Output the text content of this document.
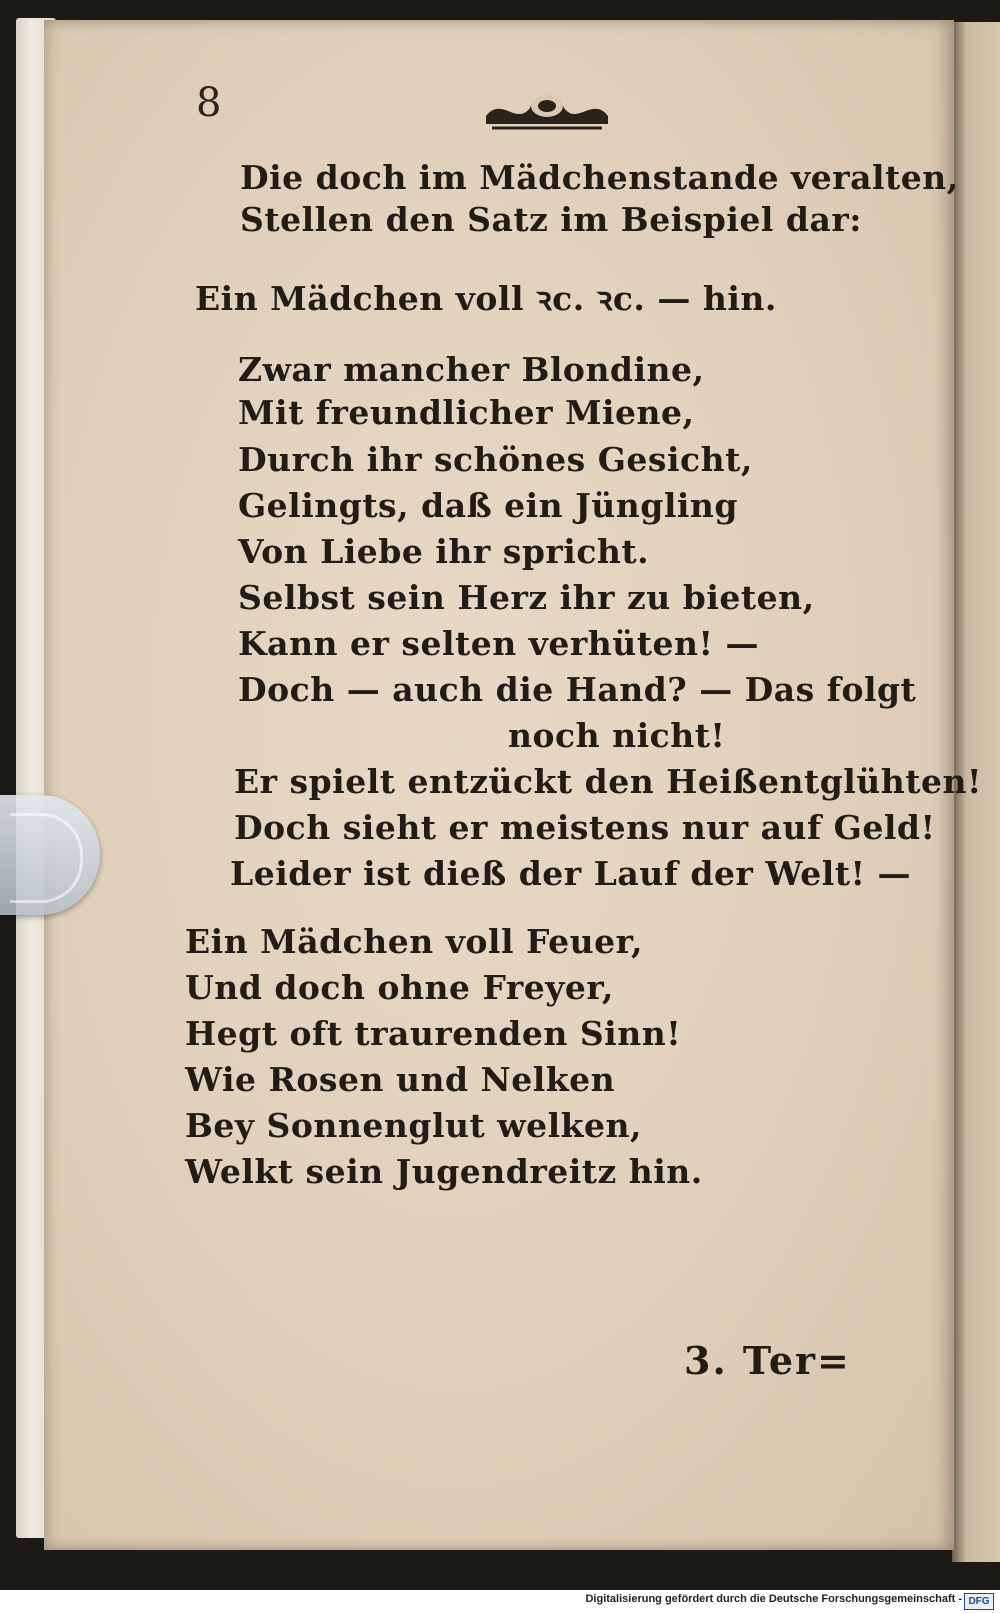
8
Die doch im Mädchenstande veralten,
Stellen den Satz im Beispiel dar:
Ein Mädchen voll ꝛc. ꝛc. — hin.
Zwar mancher Blondine,
Mit freundlicher Miene,
Durch ihr schönes Gesicht,
Gelingts, daß ein Jüngling
Von Liebe ihr spricht.
Selbst sein Herz ihr zu bieten,
Kann er selten verhüten! —
Doch — auch die Hand? — Das folgt
noch nicht!
Er spielt entzückt den Heißentglühten!
Doch sieht er meistens nur auf Geld!
Leider ist dieß der Lauf der Welt! —
Ein Mädchen voll Feuer,
Und doch ohne Freyer,
Hegt oft traurenden Sinn!
Wie Rosen und Nelken
Bey Sonnenglut welken,
Welkt sein Jugendreitz hin.
3. Ter=
Digitalisierung gefördert durch die Deutsche Forschungsgemeinschaft - DFG
